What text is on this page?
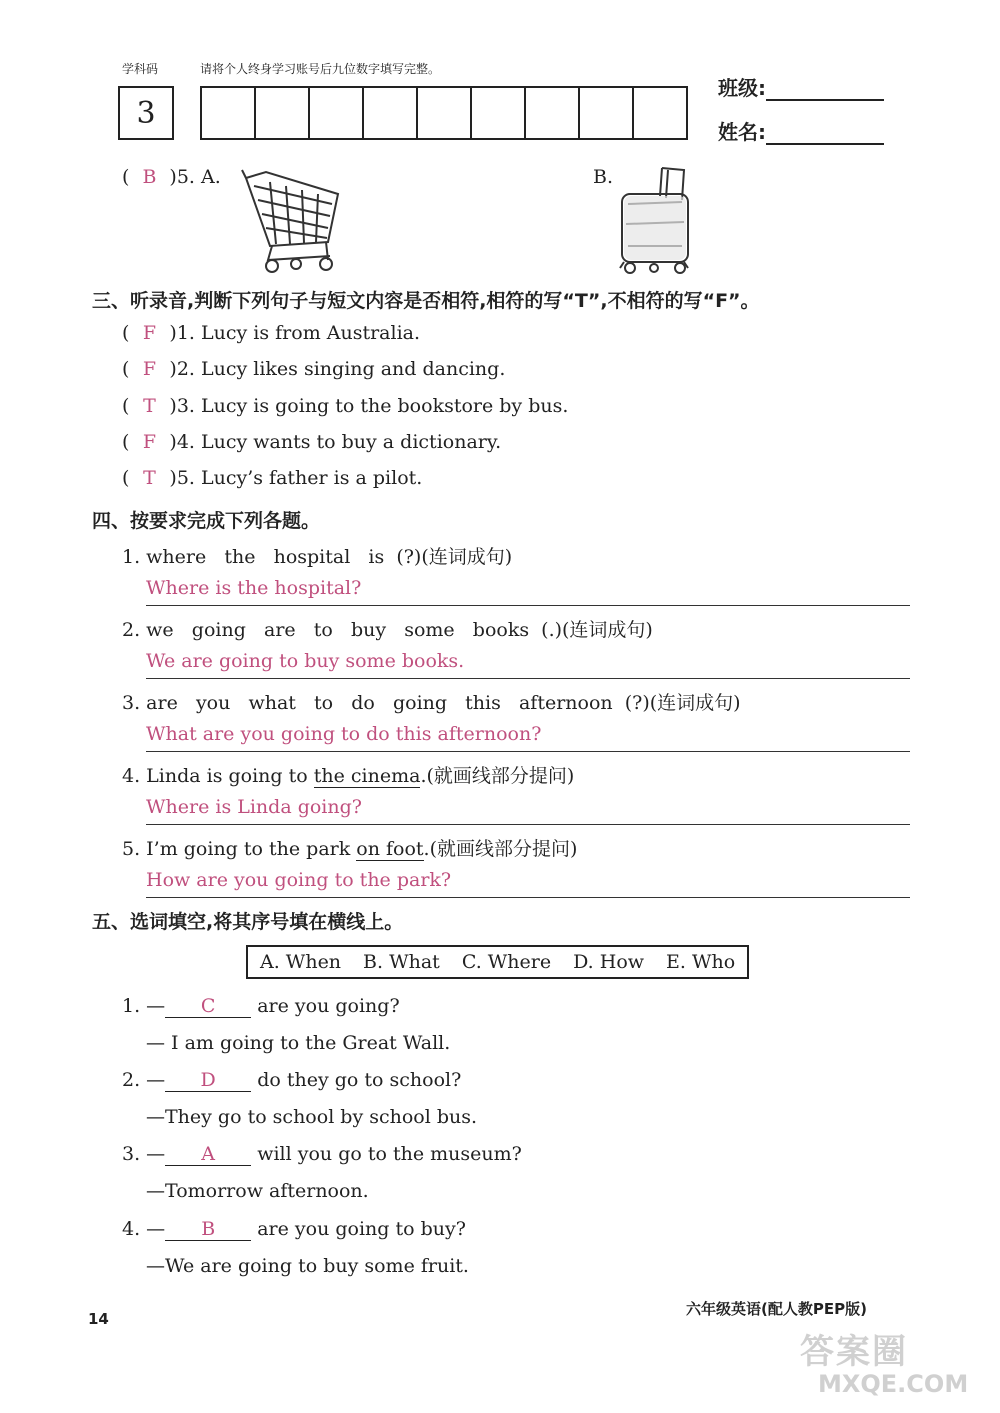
学科码	请将个人终身学习账号后九位数字填写完整。
3
班级:
姓名:
( B )5. A.	B.
三、听录音,判断下列句子与短文内容是否相符,相符的写“T”,不相符的写“F”。
( F )1. Lucy is from Australia.
( F )2. Lucy likes singing and dancing.
( T )3. Lucy is going to the bookstore by bus.
( F )4. Lucy wants to buy a dictionary.
( T )5. Lucy’s father is a pilot.
四、按要求完成下列各题。
1. where   the   hospital   is  (?)(连词成句)
Where is the hospital?
2. we   going   are   to   buy   some   books  (.)(连词成句)
We are going to buy some books.
3. are   you   what   to   do   going   this   afternoon  (?)(连词成句)
What are you going to do this afternoon?
4. Linda is going to the cinema.(就画线部分提问)
Where is Linda going?
5. I’m going to the park on foot.(就画线部分提问)
How are you going to the park?
五、选词填空,将其序号填在横线上。
A. When B. What C. Where D. How E. Who
1. — C are you going?
— I am going to the Great Wall.
2. — D do they go to school?
—They go to school by school bus.
3. — A will you go to the museum?
—Tomorrow afternoon.
4. — B are you going to buy?
—We are going to buy some fruit.
14
六年级英语(配人教PEP版)
答案圈
MXQE.COM
